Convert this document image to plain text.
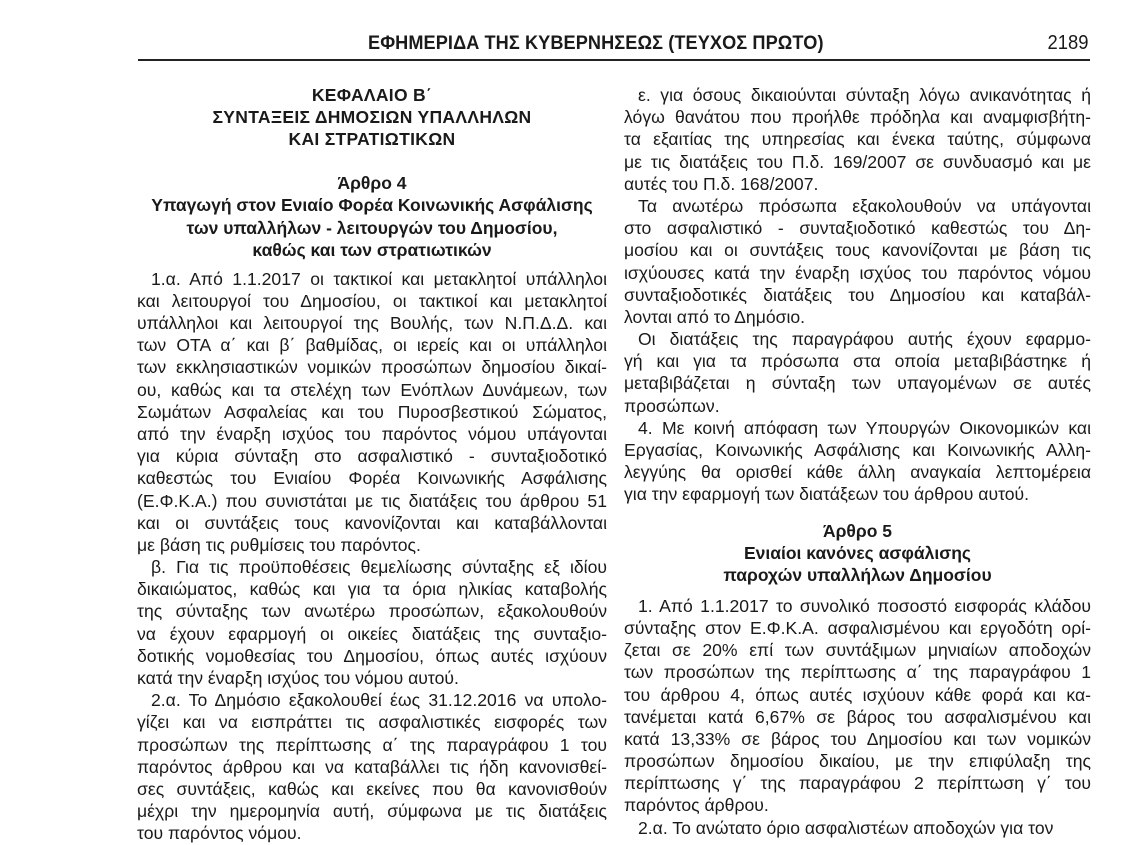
ΕΦΗΜΕΡΙΔΑ ΤΗΣ ΚΥΒΕΡΝΗΣΕΩΣ (ΤΕΥΧΟΣ ΠΡΩΤΟ)	2189
ΚΕΦΑΛΑΙΟ Β΄
ΣΥΝΤΑΞΕΙΣ ΔΗΜΟΣΙΩΝ ΥΠΑΛΛΗΛΩΝ
ΚΑΙ ΣΤΡΑΤΙΩΤΙΚΩΝ
Άρθρο 4
Υπαγωγή στον Ενιαίο Φορέα Κοινωνικής Ασφάλισης
των υπαλλήλων - λειτουργών του Δημοσίου,
καθώς και των στρατιωτικών
1.α. Από 1.1.2017 οι τακτικοί και μετακλητοί υπάλληλοι
και λειτουργοί του Δημοσίου, οι τακτικοί και μετακλητοί
υπάλληλοι και λειτουργοί της Βουλής, των Ν.Π.Δ.Δ. και
των ΟΤΑ α΄ και β΄ βαθμίδας, οι ιερείς και οι υπάλληλοι
των εκκλησιαστικών νομικών προσώπων δημοσίου δικαί-
ου, καθώς και τα στελέχη των Ενόπλων Δυνάμεων, των
Σωμάτων Ασφαλείας και του Πυροσβεστικού Σώματος,
από την έναρξη ισχύος του παρόντος νόμου υπάγονται
για κύρια σύνταξη στο ασφαλιστικό - συνταξιοδοτικό
καθεστώς του Ενιαίου Φορέα Κοινωνικής Ασφάλισης
(Ε.Φ.Κ.Α.) που συνιστάται με τις διατάξεις του άρθρου 51
και οι συντάξεις τους κανονίζονται και καταβάλλονται
με βάση τις ρυθμίσεις του παρόντος.
β. Για τις προϋποθέσεις θεμελίωσης σύνταξης εξ ιδίου
δικαιώματος, καθώς και για τα όρια ηλικίας καταβολής
της σύνταξης των ανωτέρω προσώπων, εξακολουθούν
να έχουν εφαρμογή οι οικείες διατάξεις της συνταξιο-
δοτικής νομοθεσίας του Δημοσίου, όπως αυτές ισχύουν
κατά την έναρξη ισχύος του νόμου αυτού.
2.α. Το Δημόσιο εξακολουθεί έως 31.12.2016 να υπολο-
γίζει και να εισπράττει τις ασφαλιστικές εισφορές των
προσώπων της περίπτωσης α΄ της παραγράφου 1 του
παρόντος άρθρου και να καταβάλλει τις ήδη κανονισθεί-
σες συντάξεις, καθώς και εκείνες που θα κανονισθούν
μέχρι την ημερομηνία αυτή, σύμφωνα με τις διατάξεις
του παρόντος νόμου.
ε. για όσους δικαιούνται σύνταξη λόγω ανικανότητας ή
λόγω θανάτου που προήλθε πρόδηλα και αναμφισβήτη-
τα εξαιτίας της υπηρεσίας και ένεκα ταύτης, σύμφωνα
με τις διατάξεις του Π.δ. 169/2007 σε συνδυασμό και με
αυτές του Π.δ. 168/2007.
Τα ανωτέρω πρόσωπα εξακολουθούν να υπάγονται
στο ασφαλιστικό - συνταξιοδοτικό καθεστώς του Δη-
μοσίου και οι συντάξεις τους κανονίζονται με βάση τις
ισχύουσες κατά την έναρξη ισχύος του παρόντος νόμου
συνταξιοδοτικές διατάξεις του Δημοσίου και καταβάλ-
λονται από το Δημόσιο.
Οι διατάξεις της παραγράφου αυτής έχουν εφαρμο-
γή και για τα πρόσωπα στα οποία μεταβιβάστηκε ή
μεταβιβάζεται η σύνταξη των υπαγομένων σε αυτές
προσώπων.
4. Με κοινή απόφαση των Υπουργών Οικονομικών και
Εργασίας, Κοινωνικής Ασφάλισης και Κοινωνικής Αλλη-
λεγγύης θα ορισθεί κάθε άλλη αναγκαία λεπτομέρεια
για την εφαρμογή των διατάξεων του άρθρου αυτού.
Άρθρο 5
Ενιαίοι κανόνες ασφάλισης
παροχών υπαλλήλων Δημοσίου
1. Από 1.1.2017 το συνολικό ποσοστό εισφοράς κλάδου
σύνταξης στον Ε.Φ.Κ.Α. ασφαλισμένου και εργοδότη ορί-
ζεται σε 20% επί των συντάξιμων μηνιαίων αποδοχών
των προσώπων της περίπτωσης α΄ της παραγράφου 1
του άρθρου 4, όπως αυτές ισχύουν κάθε φορά και κα-
τανέμεται κατά 6,67% σε βάρος του ασφαλισμένου και
κατά 13,33% σε βάρος του Δημοσίου και των νομικών
προσώπων δημοσίου δικαίου, με την επιφύλαξη της
περίπτωσης γ΄ της παραγράφου 2 περίπτωση γ΄ του
παρόντος άρθρου.
2.α. Το ανώτατο όριο ασφαλιστέων αποδοχών για τον
